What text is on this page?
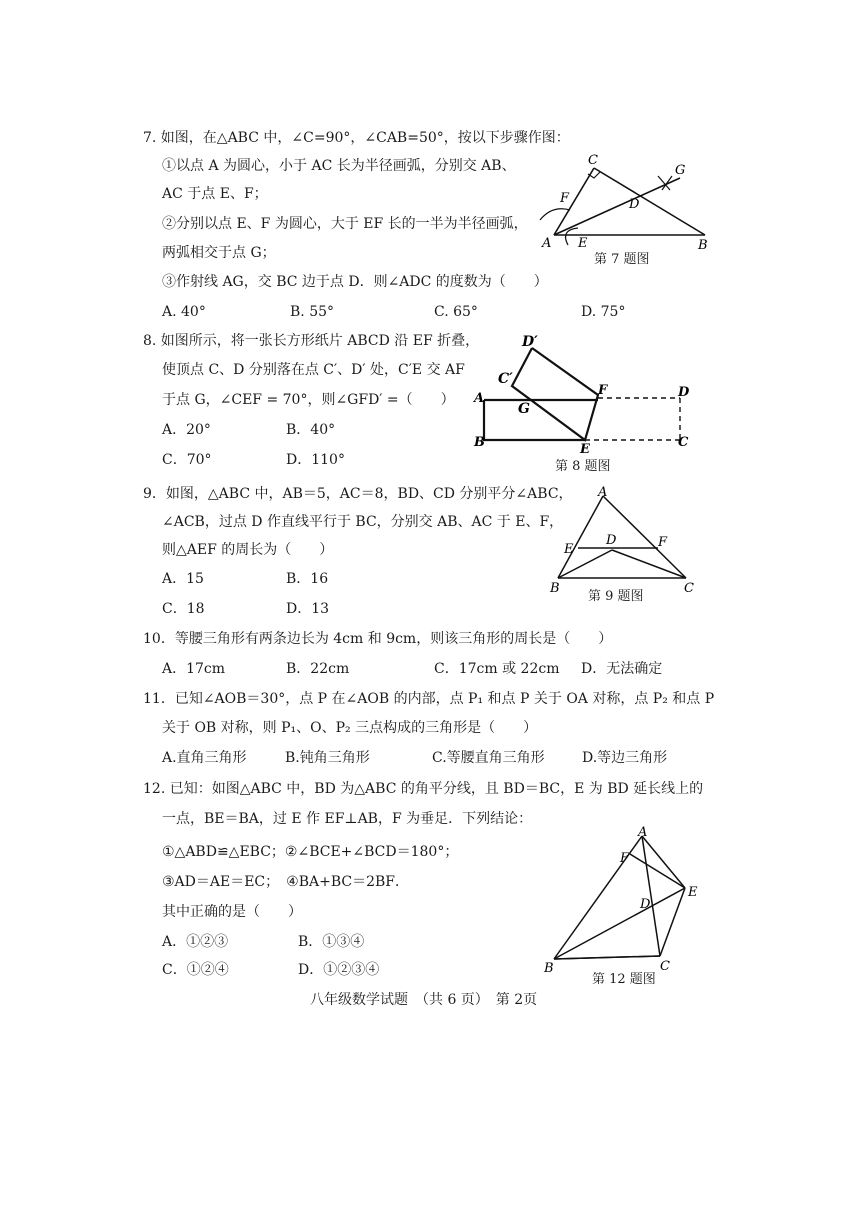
7. 如图，在△ABC 中，∠C=90°，∠CAB=50°，按以下步骤作图：
①以点 A 为圆心，小于 AC 长为半径画弧，分别交 AB、
AC 于点 E、F；
②分别以点 E、F 为圆心，大于 EF 长的一半为半径画弧，
两弧相交于点 G；
③作射线 AG，交 BC 边于点 D．则∠ADC 的度数为（　　）
A. 40°	B. 55°	C. 65°	D. 75°
C
G
F	D
A E	B
第 7 题图
8. 如图所示，将一张长方形纸片 ABCD 沿 EF 折叠，
使顶点 C、D 分别落在点 C′、D′ 处，C′E 交 AF
于点 G，∠CEF = 70°，则∠GFD′ =（　　）
A．20°	B．40°
C．70°	D．110°
D′
C′
A
G
F	D
B	E	C
第 8 题图
9．如图，△ABC 中，AB＝5，AC＝8，BD、CD 分别平分∠ABC，
∠ACB，过点 D 作直线平行于 BC，分别交 AB、AC 于 E、F，
则△AEF 的周长为（　　）
A．15	B．16
C．18	D．13
A
E
D	F
B	C
第 9 题图
10．等腰三角形有两条边长为 4cm 和 9cm，则该三角形的周长是（　　）
A．17cm	B．22cm	C．17cm 或 22cm D．无法确定
11．已知∠AOB＝30°，点 P 在∠AOB 的内部，点 P₁ 和点 P 关于 OA 对称，点 P₂ 和点 P
关于 OB 对称，则 P₁、O、P₂ 三点构成的三角形是（　　）
A.直角三角形	B.钝角三角形	C.等腰直角三角形	D.等边三角形
12. 已知：如图△ABC 中，BD 为△ABC 的角平分线，且 BD＝BC，E 为 BD 延长线上的
一点，BE＝BA，过 E 作 EF⊥AB，F 为垂足．下列结论：
①△ABD≌△EBC；②∠BCE+∠BCD＝180°；
③AD＝AE＝EC；　④BA+BC＝2BF．
其中正确的是（　　）
A．①②③	B．①③④
C．①②④	D．①②③④
A
F
E
D
B	C
第 12 题图
八年级数学试题　（共 6 页）　第 2页
